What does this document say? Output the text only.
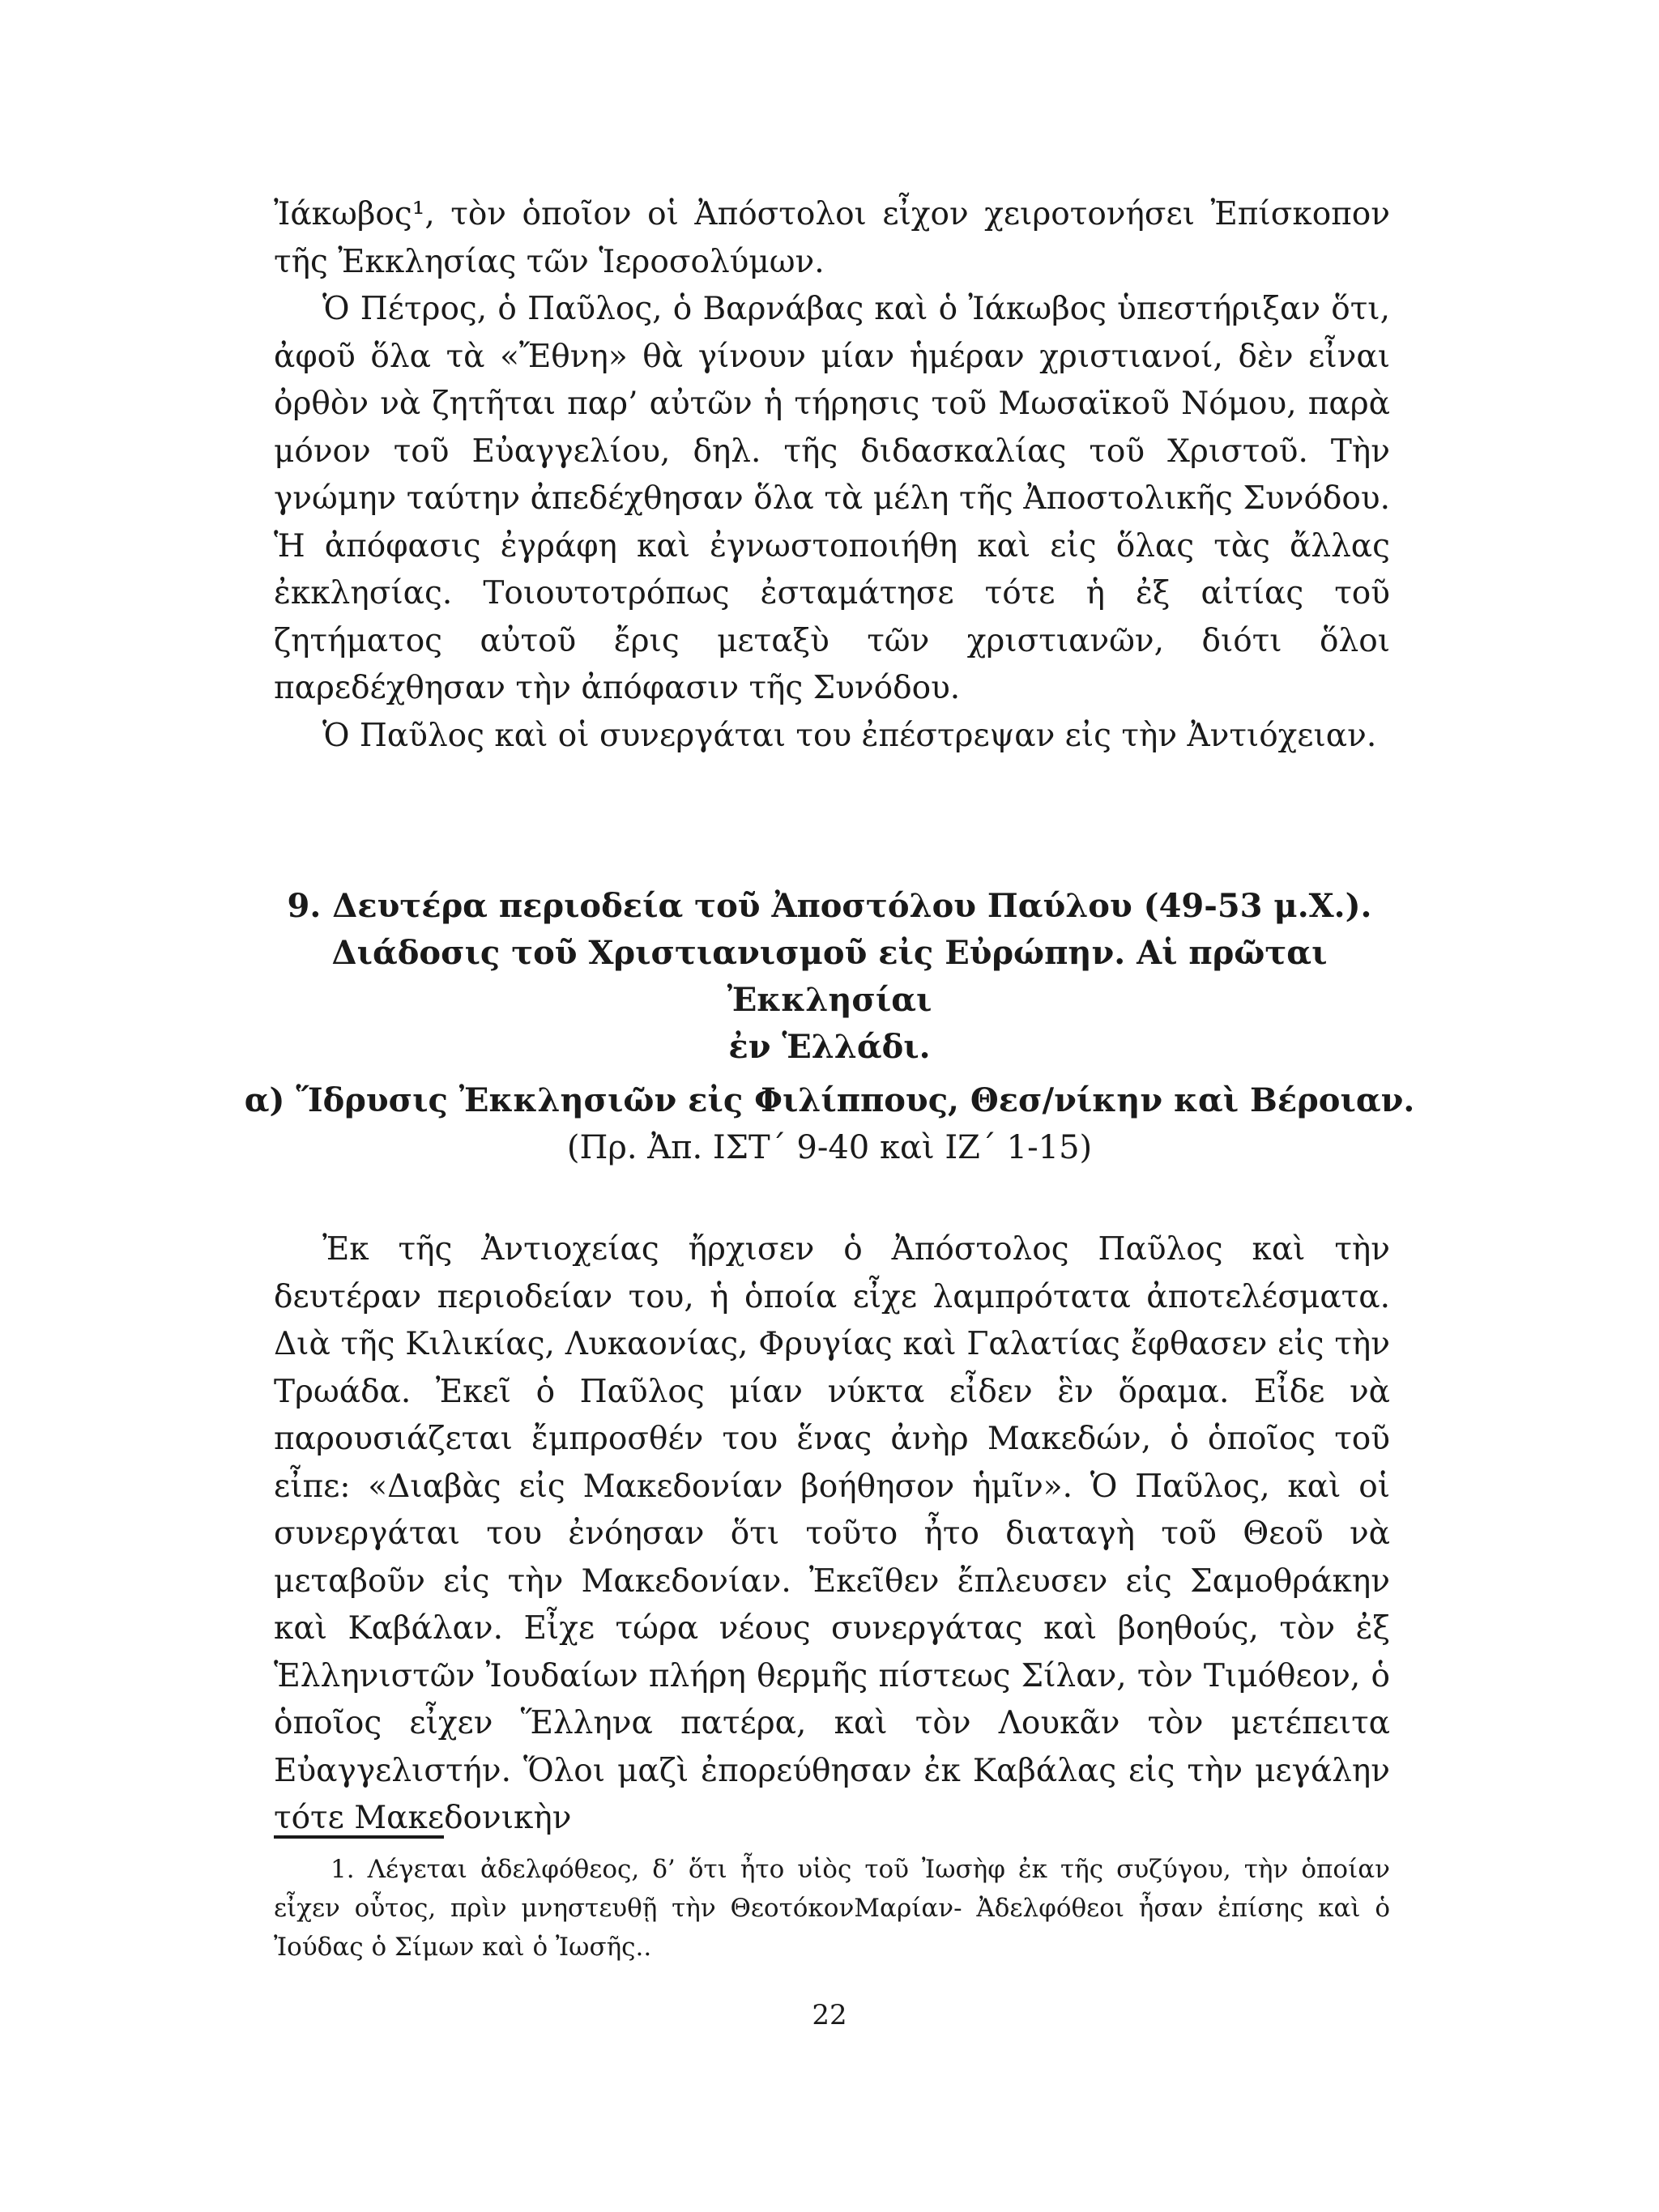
Ἰάκωβος¹, τὸν ὁποῖον οἱ Ἀπόστολοι εἶχον χειροτονήσει Ἐπίσκοπον τῆς Ἐκκλησίας τῶν Ἱεροσολύμων.

Ὁ Πέτρος, ὁ Παῦλος, ὁ Βαρνάβας καὶ ὁ Ἰάκωβος ὑπεστήριξαν ὅτι, ἀφοῦ ὅλα τὰ «Ἔθνη» θὰ γίνουν μίαν ἡμέραν χριστιανοί, δὲν εἶναι ὀρθὸν νὰ ζητῆται παρ’ αὐτῶν ἡ τήρησις τοῦ Μωσαϊκοῦ Νόμου, παρὰ μόνον τοῦ Εὐαγγελίου, δηλ. τῆς διδασκαλίας τοῦ Χριστοῦ. Τὴν γνώμην ταύτην ἀπεδέχθησαν ὅλα τὰ μέλη τῆς Ἀποστολικῆς Συνόδου. Ἡ ἀπόφασις ἐγράφη καὶ ἐγνωστοποιήθη καὶ εἰς ὅλας τὰς ἄλλας ἐκκλησίας. Τοιουτοτρόπως ἐσταμάτησε τότε ἡ ἐξ αἰτίας τοῦ ζητήματος αὐτοῦ ἔρις μεταξὺ τῶν χριστιανῶν, διότι ὅλοι παρεδέχθησαν τὴν ἀπόφασιν τῆς Συνόδου.

Ὁ Παῦλος καὶ οἱ συνεργάται του ἐπέστρεψαν εἰς τὴν Ἀντιόχειαν.

9. Δευτέρα περιοδεία τοῦ Ἀποστόλου Παύλου (49-53 μ.Χ.).
Διάδοσις τοῦ Χριστιανισμοῦ εἰς Εὐρώπην. Αἱ πρῶται Ἐκκλησίαι
ἐν Ἑλλάδι.
α) Ἵδρυσις Ἐκκλησιῶν εἰς Φιλίππους, Θεσ/νίκην καὶ Βέροιαν.
(Πρ. Ἀπ. ΙΣΤ΄ 9-40 καὶ ΙΖ΄ 1-15)

Ἐκ τῆς Ἀντιοχείας ἤρχισεν ὁ Ἀπόστολος Παῦλος καὶ τὴν δευτέραν περιοδείαν του, ἡ ὁποία εἶχε λαμπρότατα ἀποτελέσματα. Διὰ τῆς Κιλικίας, Λυκαονίας, Φρυγίας καὶ Γαλατίας ἔφθασεν εἰς τὴν Τρωάδα. Ἐκεῖ ὁ Παῦλος μίαν νύκτα εἶδεν ἓν ὅραμα. Εἶδε νὰ παρουσιάζεται ἔμπροσθέν του ἕνας ἀνὴρ Μακεδών, ὁ ὁποῖος τοῦ εἶπε: «Διαβὰς εἰς Μακεδονίαν βοήθησον ἡμῖν». Ὁ Παῦλος, καὶ οἱ συνεργάται του ἐνόησαν ὅτι τοῦτο ἦτο διαταγὴ τοῦ Θεοῦ νὰ μεταβοῦν εἰς τὴν Μακεδονίαν. Ἐκεῖθεν ἔπλευσεν εἰς Σαμοθράκην καὶ Καβάλαν. Εἶχε τώρα νέους συνεργάτας καὶ βοηθούς, τὸν ἐξ Ἑλληνιστῶν Ἰουδαίων πλήρη θερμῆς πίστεως Σίλαν, τὸν Τιμόθεον, ὁ ὁποῖος εἶχεν Ἕλληνα πατέρα, καὶ τὸν Λουκᾶν τὸν μετέπειτα Εὐαγγελιστήν. Ὅλοι μαζὶ ἐπορεύθησαν ἐκ Καβάλας εἰς τὴν μεγάλην τότε Μακεδονικὴν

1. Λέγεται ἀδελφόθεος, δ’ ὅτι ἦτο υἱὸς τοῦ Ἰωσὴφ ἐκ τῆς συζύγου, τὴν ὁποίαν εἶχεν οὗτος, πρὶν μνηστευθῇ τὴν ΘεοτόκονΜαρίαν- Ἀδελφόθεοι ἦσαν ἐπίσης καὶ ὁ Ἰούδας ὁ Σίμων καὶ ὁ Ἰωσῆς..

22
